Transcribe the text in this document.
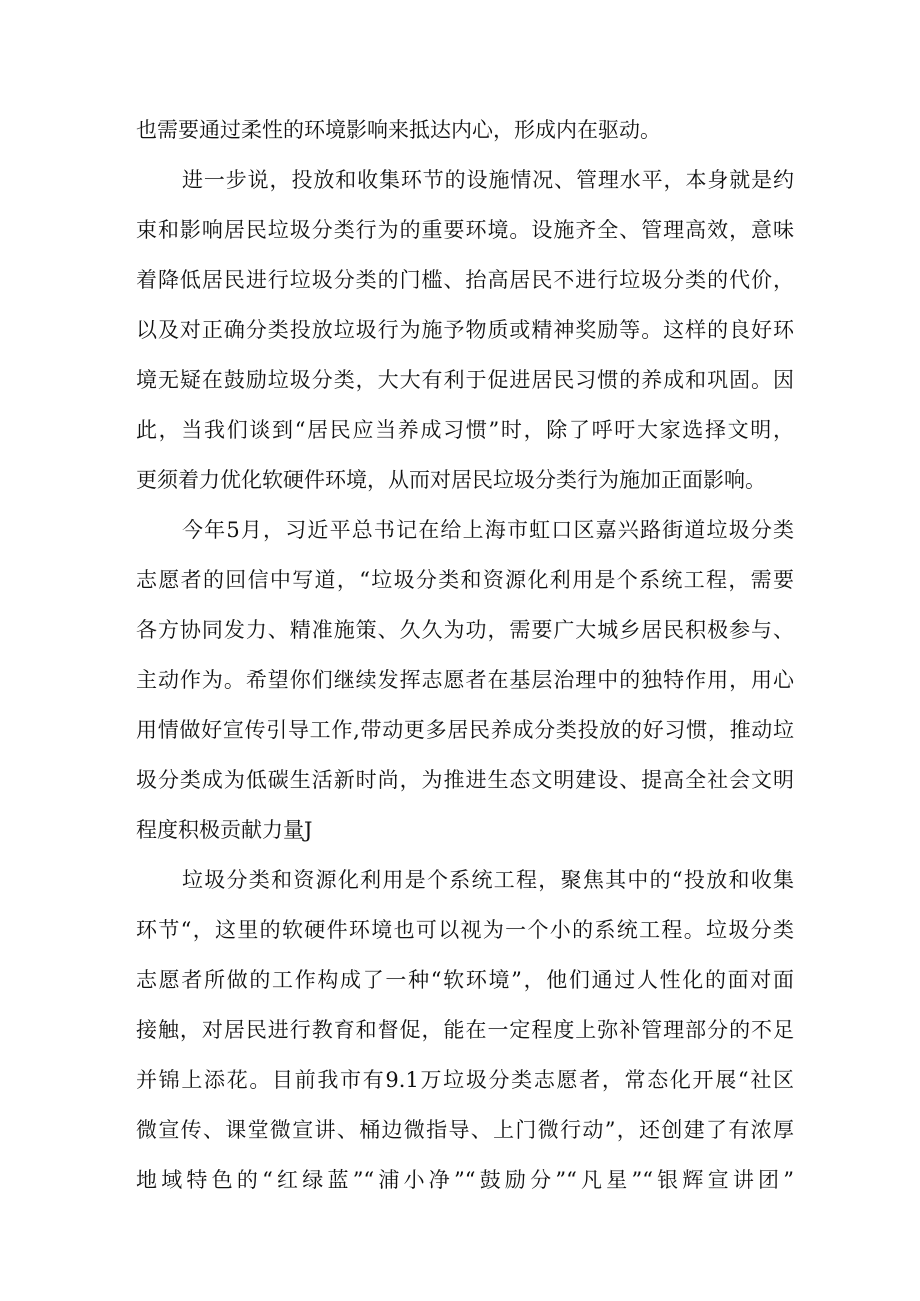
也需要通过柔性的环境影响来抵达内心，形成内在驱动。
进一步说，投放和收集环节的设施情况、管理水平，本身就是约
束和影响居民垃圾分类行为的重要环境。设施齐全、管理高效，意味
着降低居民进行垃圾分类的门槛、抬高居民不进行垃圾分类的代价，
以及对正确分类投放垃圾行为施予物质或精神奖励等。这样的良好环
境无疑在鼓励垃圾分类，大大有利于促进居民习惯的养成和巩固。因
此，当我们谈到“居民应当养成习惯”时，除了呼吁大家选择文明，
更须着力优化软硬件环境，从而对居民垃圾分类行为施加正面影响。
今年5月，习近平总书记在给上海市虹口区嘉兴路街道垃圾分类
志愿者的回信中写道，“垃圾分类和资源化利用是个系统工程，需要
各方协同发力、精准施策、久久为功，需要广大城乡居民积极参与、
主动作为。希望你们继续发挥志愿者在基层治理中的独特作用，用心
用情做好宣传引导工作,带动更多居民养成分类投放的好习惯，推动垃
圾分类成为低碳生活新时尚，为推进生态文明建设、提高全社会文明
程度积极贡献力量J
垃圾分类和资源化利用是个系统工程，聚焦其中的“投放和收集
环节“，这里的软硬件环境也可以视为一个小的系统工程。垃圾分类
志愿者所做的工作构成了一种“软环境”，他们通过人性化的面对面
接触，对居民进行教育和督促，能在一定程度上弥补管理部分的不足
并锦上添花。目前我市有9.1万垃圾分类志愿者，常态化开展“社区
微宣传、课堂微宣讲、桶边微指导、上门微行动”，还创建了有浓厚
地域特色的“红绿蓝”“浦小净”“鼓励分”“凡星”“银辉宣讲团”
